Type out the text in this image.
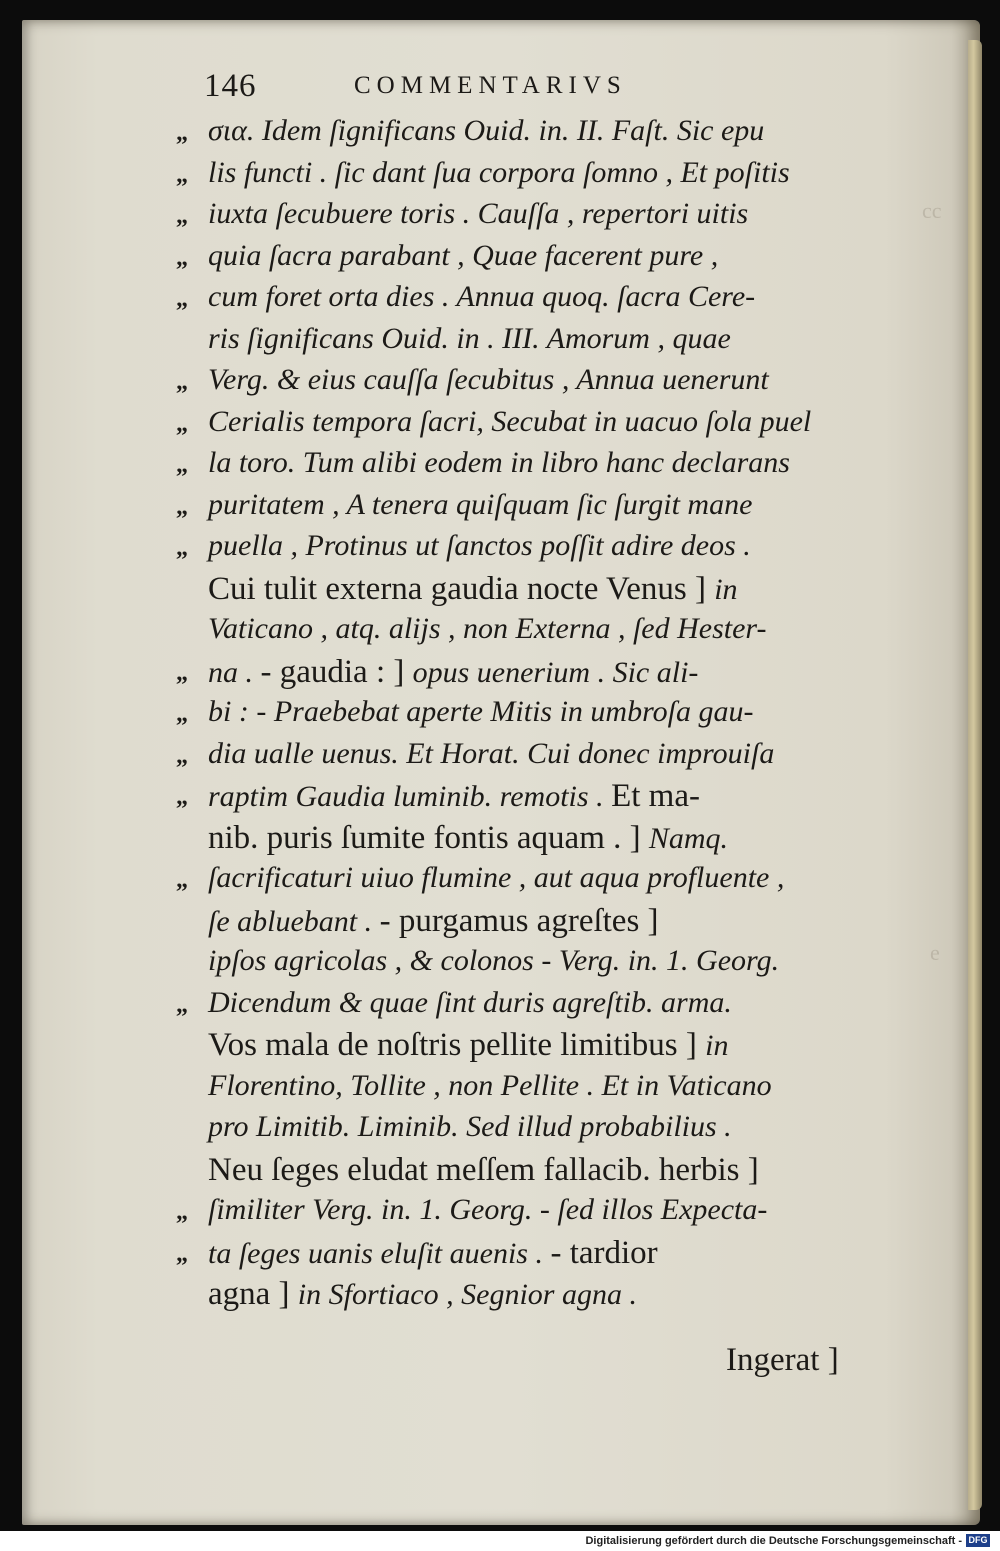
cc
e
146	COMMENTARIVS
„ σια. Idem ſignificans Ouid. in. II. Faſt. Sic epu
„ lis functi . ſic dant ſua corpora ſomno , Et poſitis
„ iuxta ſecubuere toris . Cauſſa , repertori uitis
„ quia ſacra parabant , Quae facerent pure ,
„ cum foret orta dies . Annua quoq. ſacra Cere-
ris ſignificans Ouid. in . III. Amorum , quae
„ Verg. & eius cauſſa ſecubitus , Annua uenerunt
„ Cerialis tempora ſacri, Secubat in uacuo ſola puel
„ la toro. Tum alibi eodem in libro hanc declarans
„ puritatem , A tenera quiſquam ſic ſurgit mane
„ puella , Protinus ut ſanctos poſſit adire deos .
Cui tulit externa gaudia nocte Venus ] in
Vaticano , atq. alijs , non Externa , ſed Hester-
„ na . - gaudia : ] opus uenerium . Sic ali-
„ bi : - Praebebat aperte Mitis in umbroſa gau-
„ dia ualle uenus. Et Horat. Cui donec improuiſa
„ raptim Gaudia luminib. remotis . Et ma-
nib. puris ſumite fontis aquam . ] Namq.
„ ſacrificaturi uiuo flumine , aut aqua profluente ,
ſe abluebant . - purgamus agreſtes ]
ipſos agricolas , & colonos - Verg. in. 1. Georg.
„ Dicendum & quae ſint duris agreſtib. arma.
Vos mala de noſtris pellite limitibus ] in
Florentino, Tollite , non Pellite . Et in Vaticano
pro Limitib. Liminib. Sed illud probabilius .
Neu ſeges eludat meſſem fallacib. herbis ]
„ ſimiliter Verg. in. 1. Georg. - ſed illos Expecta-
„ ta ſeges uanis eluſit auenis . - tardior
agna ] in Sfortiaco , Segnior agna .
Ingerat ]
Digitalisierung gefördert durch die Deutsche Forschungsgemeinschaft - DFG
